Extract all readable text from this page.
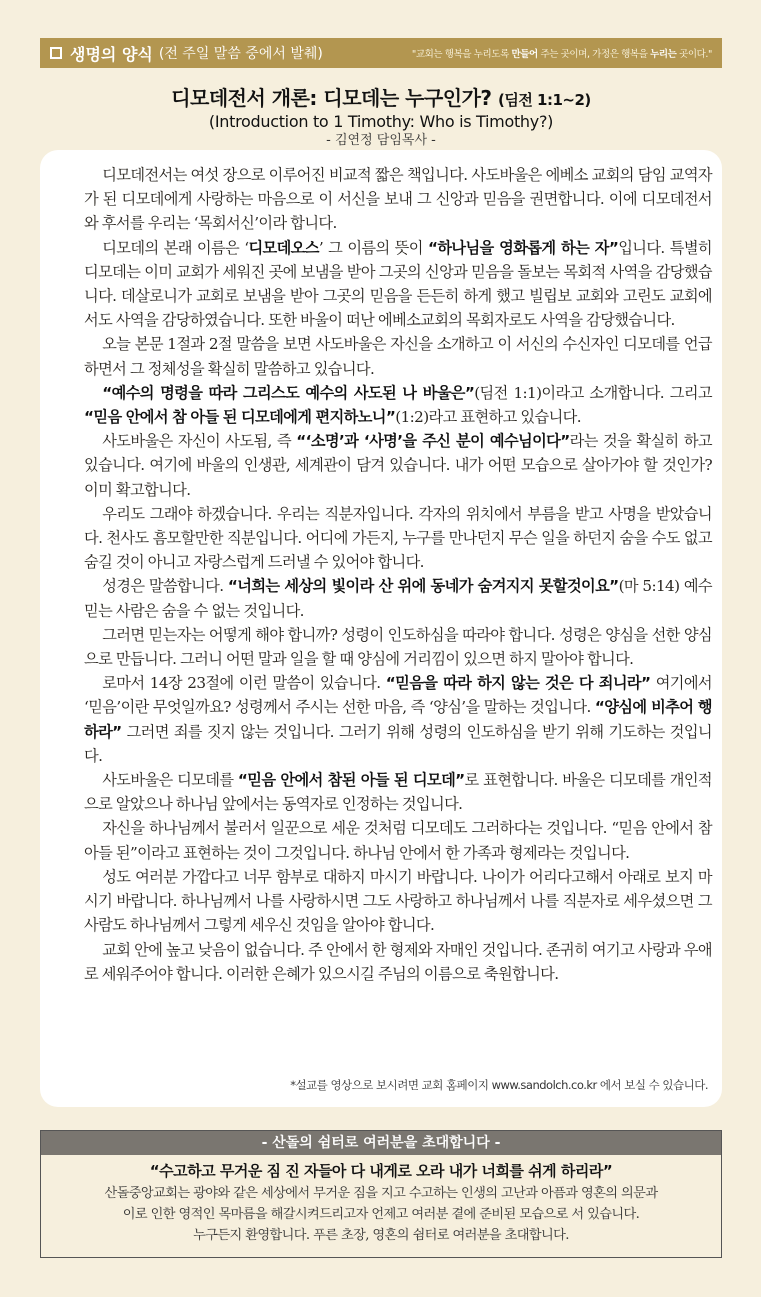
생명의 양식 (전 주일 말씀 중에서 발췌)	"교회는 행복을 누리도록 만들어 주는 곳이며, 가정은 행복을 누리는 곳이다."
디모데전서 개론: 디모데는 누구인가? (딤전 1:1~2)
(Introduction to 1 Timothy: Who is Timothy?)
- 김연정 담임목사 -

디모데전서는 여섯 장으로 이루어진 비교적 짧은 책입니다. 사도바울은 에베소 교회의 담임 교역자가 된 디모데에게 사랑하는 마음으로 이 서신을 보내 그 신앙과 믿음을 권면합니다. 이에 디모데전서와 후서를 우리는 ‘목회서신’이라 합니다.

디모데의 본래 이름은 ‘디모데오스’ 그 이름의 뜻이 “하나님을 영화롭게 하는 자”입니다. 특별히 디모데는 이미 교회가 세워진 곳에 보냄을 받아 그곳의 신앙과 믿음을 돌보는 목회적 사역을 감당했습니다. 데살로니가 교회로 보냄을 받아 그곳의 믿음을 든든히 하게 했고 빌립보 교회와 고린도 교회에서도 사역을 감당하였습니다. 또한 바울이 떠난 에베소교회의 목회자로도 사역을 감당했습니다.

오늘 본문 1절과 2절 말씀을 보면 사도바울은 자신을 소개하고 이 서신의 수신자인 디모데를 언급하면서 그 정체성을 확실히 말씀하고 있습니다.

“예수의 명령을 따라 그리스도 예수의 사도된 나 바울은”(딤전 1:1)이라고 소개합니다. 그리고 “믿음 안에서 참 아들 된 디모데에게 편지하노니”(1:2)라고 표현하고 있습니다.

사도바울은 자신이 사도됨, 즉 “‘소명’과 ‘사명’을 주신 분이 예수님이다”라는 것을 확실히 하고 있습니다. 여기에 바울의 인생관, 세계관이 담겨 있습니다. 내가 어떤 모습으로 살아가야 할 것인가? 이미 확고합니다.

우리도 그래야 하겠습니다. 우리는 직분자입니다. 각자의 위치에서 부름을 받고 사명을 받았습니다. 천사도 흠모할만한 직분입니다. 어디에 가든지, 누구를 만나던지 무슨 일을 하던지 숨을 수도 없고 숨길 것이 아니고 자랑스럽게 드러낼 수 있어야 합니다.

성경은 말씀합니다. “너희는 세상의 빛이라 산 위에 동네가 숨겨지지 못할것이요”(마 5:14) 예수 믿는 사람은 숨을 수 없는 것입니다.

그러면 믿는자는 어떻게 해야 합니까? 성령이 인도하심을 따라야 합니다. 성령은 양심을 선한 양심으로 만듭니다. 그러니 어떤 말과 일을 할 때 양심에 거리낌이 있으면 하지 말아야 합니다.

로마서 14장 23절에 이런 말씀이 있습니다. “믿음을 따라 하지 않는 것은 다 죄니라” 여기에서 ‘믿음’이란 무엇일까요? 성령께서 주시는 선한 마음, 즉 ‘양심’을 말하는 것입니다. “양심에 비추어 행하라” 그러면 죄를 짓지 않는 것입니다. 그러기 위해 성령의 인도하심을 받기 위해 기도하는 것입니다.

사도바울은 디모데를 “믿음 안에서 참된 아들 된 디모데”로 표현합니다. 바울은 디모데를 개인적으로 알았으나 하나님 앞에서는 동역자로 인정하는 것입니다.

자신을 하나님께서 불러서 일꾼으로 세운 것처럼 디모데도 그러하다는 것입니다. “믿음 안에서 참 아들 된”이라고 표현하는 것이 그것입니다. 하나님 안에서 한 가족과 형제라는 것입니다.

성도 여러분 가깝다고 너무 함부로 대하지 마시기 바랍니다. 나이가 어리다고해서 아래로 보지 마시기 바랍니다. 하나님께서 나를 사랑하시면 그도 사랑하고 하나님께서 나를 직분자로 세우셨으면 그 사람도 하나님께서 그렇게 세우신 것임을 알아야 합니다.

교회 안에 높고 낮음이 없습니다. 주 안에서 한 형제와 자매인 것입니다. 존귀히 여기고 사랑과 우애로 세워주어야 합니다. 이러한 은혜가 있으시길 주님의 이름으로 축원합니다.

*설교를 영상으로 보시려면 교회 홈페이지 www.sandolch.co.kr 에서 보실 수 있습니다.
- 산돌의 쉼터로 여러분을 초대합니다 -
“수고하고 무거운 짐 진 자들아 다 내게로 오라 내가 너희를 쉬게 하리라”
산돌중앙교회는 광야와 같은 세상에서 무거운 짐을 지고 수고하는 인생의 고난과 아픔과 영혼의 의문과
이로 인한 영적인 목마름을 해갈시켜드리고자 언제고 여러분 곁에 준비된 모습으로 서 있습니다.
누구든지 환영합니다. 푸른 초장, 영혼의 쉼터로 여러분을 초대합니다.
